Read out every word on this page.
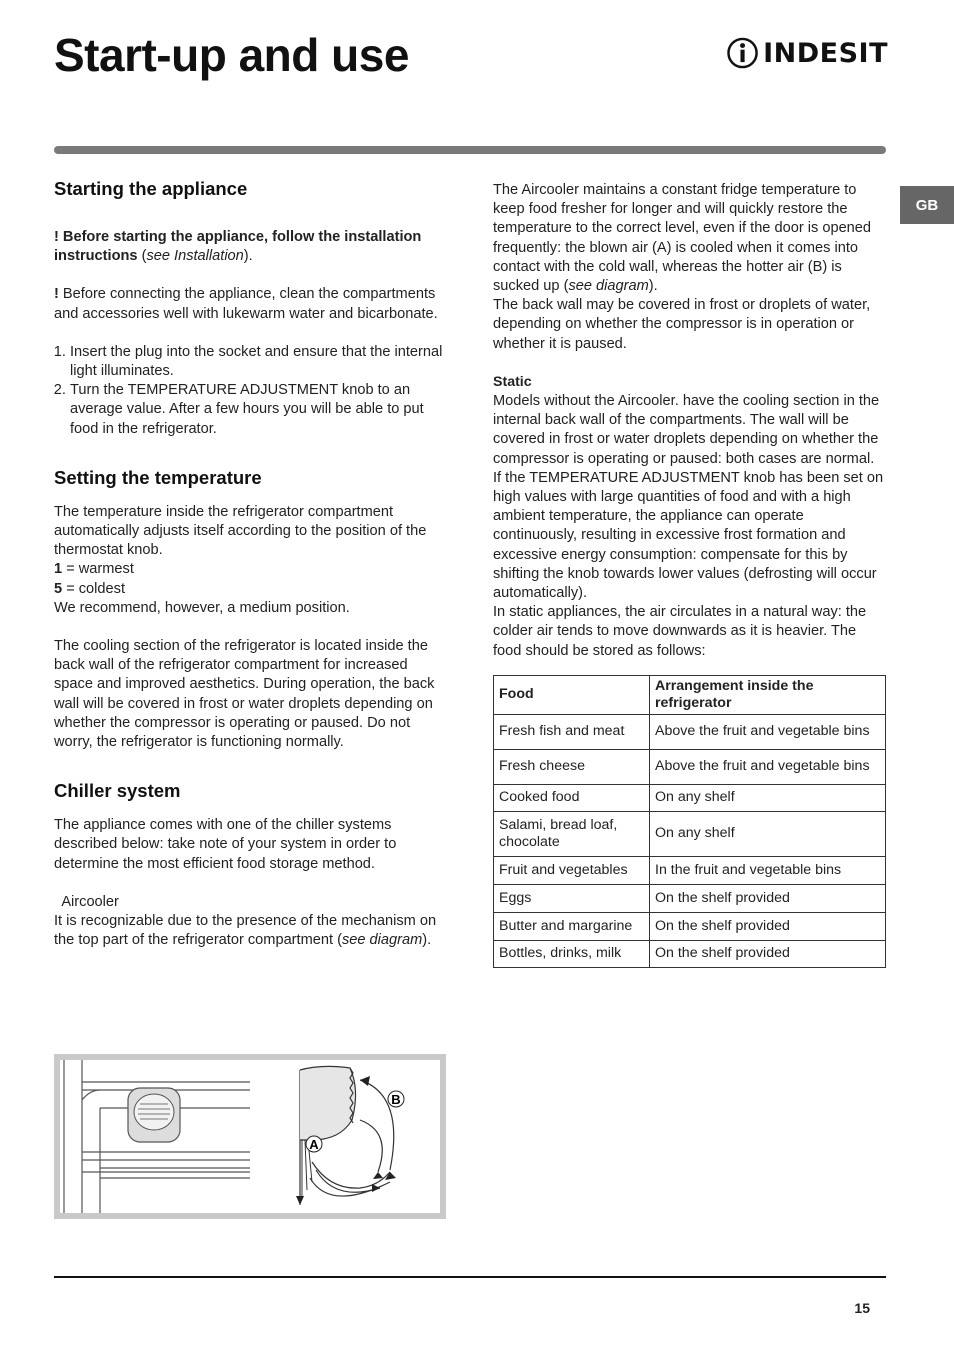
Start-up and use	INDESIT
GB
Starting the appliance

! Before starting the appliance, follow the installation instructions (see Installation).

! Before connecting the appliance, clean the compartments and accessories well with lukewarm water and bicarbonate.

1. Insert the plug into the socket and ensure that the internal light illuminates.
2. Turn the TEMPERATURE ADJUSTMENT knob to an average value. After a few hours you will be able to put food in the refrigerator.
Setting the temperature

The temperature inside the refrigerator compartment automatically adjusts itself according to the position of the thermostat knob.

1 = warmest

5 = coldest

We recommend, however, a medium position.

The cooling section of the refrigerator is located inside the back wall of the refrigerator compartment for increased space and improved aesthetics. During operation, the back wall will be covered in frost or water droplets depending on whether the compressor is operating or paused. Do not worry, the refrigerator is functioning normally.

Chiller system

The appliance comes with one of the chiller systems described below: take note of your system in order to determine the most efficient food storage method.

Aircooler

It is recognizable due to the presence of the mechanism on the top part of the refrigerator compartment (see diagram).

B
A

The Aircooler maintains a constant fridge temperature to keep food fresher for longer and will quickly restore the temperature to the correct level, even if the door is opened frequently: the blown air (A) is cooled when it comes into contact with the cold wall, whereas the hotter air (B) is sucked up (see diagram).

The back wall may be covered in frost or droplets of water, depending on whether the compressor is in operation or whether it is paused.

Static

Models without the Aircooler. have the cooling section in the internal back wall of the compartments. The wall will be covered in frost or water droplets depending on whether the compressor is operating or paused: both cases are normal. If the TEMPERATURE ADJUSTMENT knob has been set on high values with large quantities of food and with a high ambient temperature, the appliance can operate continuously, resulting in excessive frost formation and excessive energy consumption: compensate for this by shifting the knob towards lower values (defrosting will occur automatically).

In static appliances, the air circulates in a natural way: the colder air tends to move downwards as it is heavier. The food should be stored as follows:

Food	Arrangement inside the refrigerator
Fresh fish and meat	Above the fruit and vegetable bins
Fresh cheese	Above the fruit and vegetable bins
Cooked food	On any shelf
Salami, bread loaf, chocolate	On any shelf
Fruit and vegetables	In the fruit and vegetable bins
Eggs	On the shelf provided
Butter and margarine	On the shelf provided
Bottles, drinks, milk	On the shelf provided
15
